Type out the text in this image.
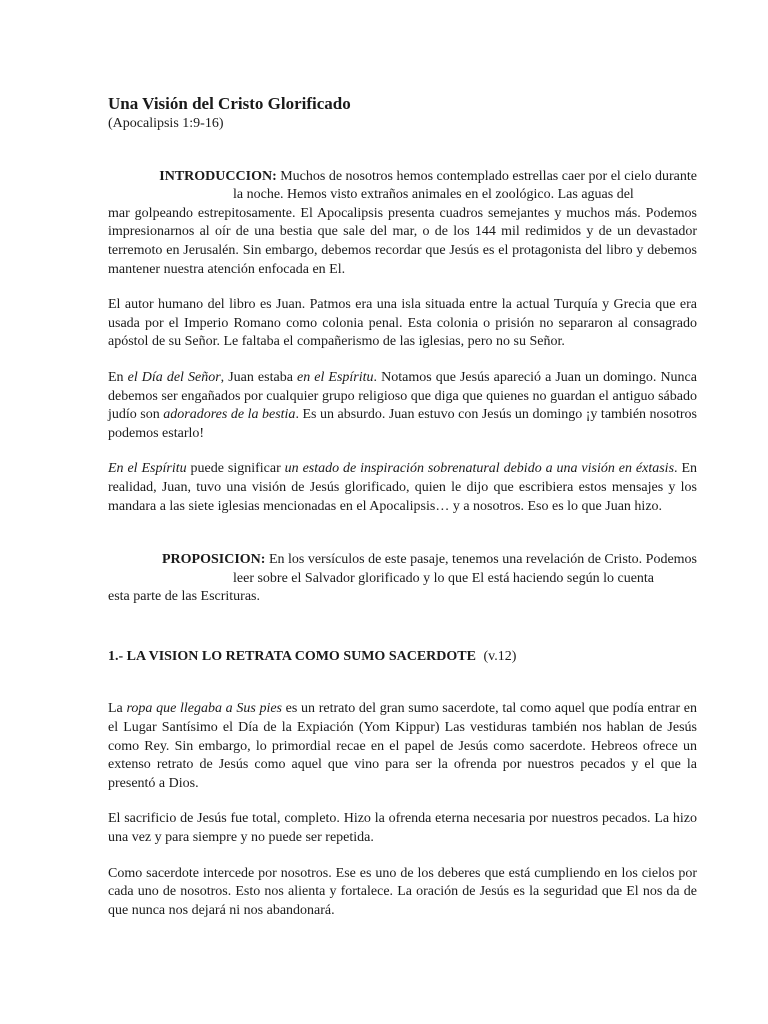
Una Visión del Cristo Glorificado
(Apocalipsis 1:9-16)
INTRODUCCION: Muchos de nosotros hemos contemplado estrellas caer por el cielo durante
la noche. Hemos visto extraños animales en el zoológico. Las aguas del
mar golpeando estrepitosamente. El Apocalipsis presenta cuadros semejantes y muchos más. Podemos impresionarnos al oír de una bestia que sale del mar, o de los 144 mil redimidos y de un devastador terremoto en Jerusalén. Sin embargo, debemos recordar que Jesús es el protagonista del libro y debemos mantener nuestra atención enfocada en El.

El autor humano del libro es Juan. Patmos era una isla situada entre la actual Turquía y Grecia que era usada por el Imperio Romano como colonia penal. Esta colonia o prisión no separaron al consagrado apóstol de su Señor. Le faltaba el compañerismo de las iglesias, pero no su Señor.

En el Día del Señor, Juan estaba en el Espíritu. Notamos que Jesús apareció a Juan un domingo. Nunca debemos ser engañados por cualquier grupo religioso que diga que quienes no guardan el antiguo sábado judío son adoradores de la bestia. Es un absurdo. Juan estuvo con Jesús un domingo ¡y también nosotros podemos estarlo!

En el Espíritu puede significar un estado de inspiración sobrenatural debido a una visión en éxtasis. En realidad, Juan, tuvo una visión de Jesús glorificado, quien le dijo que escribiera estos mensajes y los mandara a las siete iglesias mencionadas en el Apocalipsis… y a nosotros. Eso es lo que Juan hizo.

PROPOSICION: En los versículos de este pasaje, tenemos una revelación de Cristo. Podemos
leer sobre el Salvador glorificado y lo que El está haciendo según lo cuenta
esta parte de las Escrituras.
1.- LA VISION LO RETRATA COMO SUMO SACERDOTE (v.12)

La ropa que llegaba a Sus pies es un retrato del gran sumo sacerdote, tal como aquel que podía entrar en el Lugar Santísimo el Día de la Expiación (Yom Kippur) Las vestiduras también nos hablan de Jesús como Rey. Sin embargo, lo primordial recae en el papel de Jesús como sacerdote. Hebreos ofrece un extenso retrato de Jesús como aquel que vino para ser la ofrenda por nuestros pecados y el que la presentó a Dios.

El sacrificio de Jesús fue total, completo. Hizo la ofrenda eterna necesaria por nuestros pecados. La hizo una vez y para siempre y no puede ser repetida.

Como sacerdote intercede por nosotros. Ese es uno de los deberes que está cumpliendo en los cielos por cada uno de nosotros. Esto nos alienta y fortalece. La oración de Jesús es la seguridad que El nos da de que nunca nos dejará ni nos abandonará.
